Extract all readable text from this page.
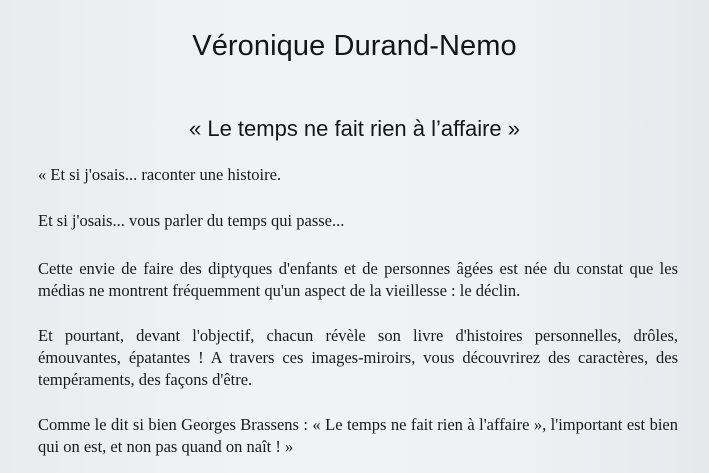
Véronique Durand-Nemo
« Le temps ne fait rien à l’affaire »

« Et si j'osais... raconter une histoire.

Et si j'osais... vous parler du temps qui passe...

Cette envie de faire des diptyques d'enfants et de personnes âgées est née du constat que les médias ne montrent fréquemment qu'un aspect de la vieillesse : le déclin.

Et pourtant, devant l'objectif, chacun révèle son livre d'histoires personnelles, drôles, émouvantes, épatantes ! A travers ces images-miroirs, vous découvrirez des caractères, des tempéraments, des façons d'être.

Comme le dit si bien Georges Brassens : « Le temps ne fait rien à l'affaire », l'important est bien qui on est, et non pas quand on naît ! »
